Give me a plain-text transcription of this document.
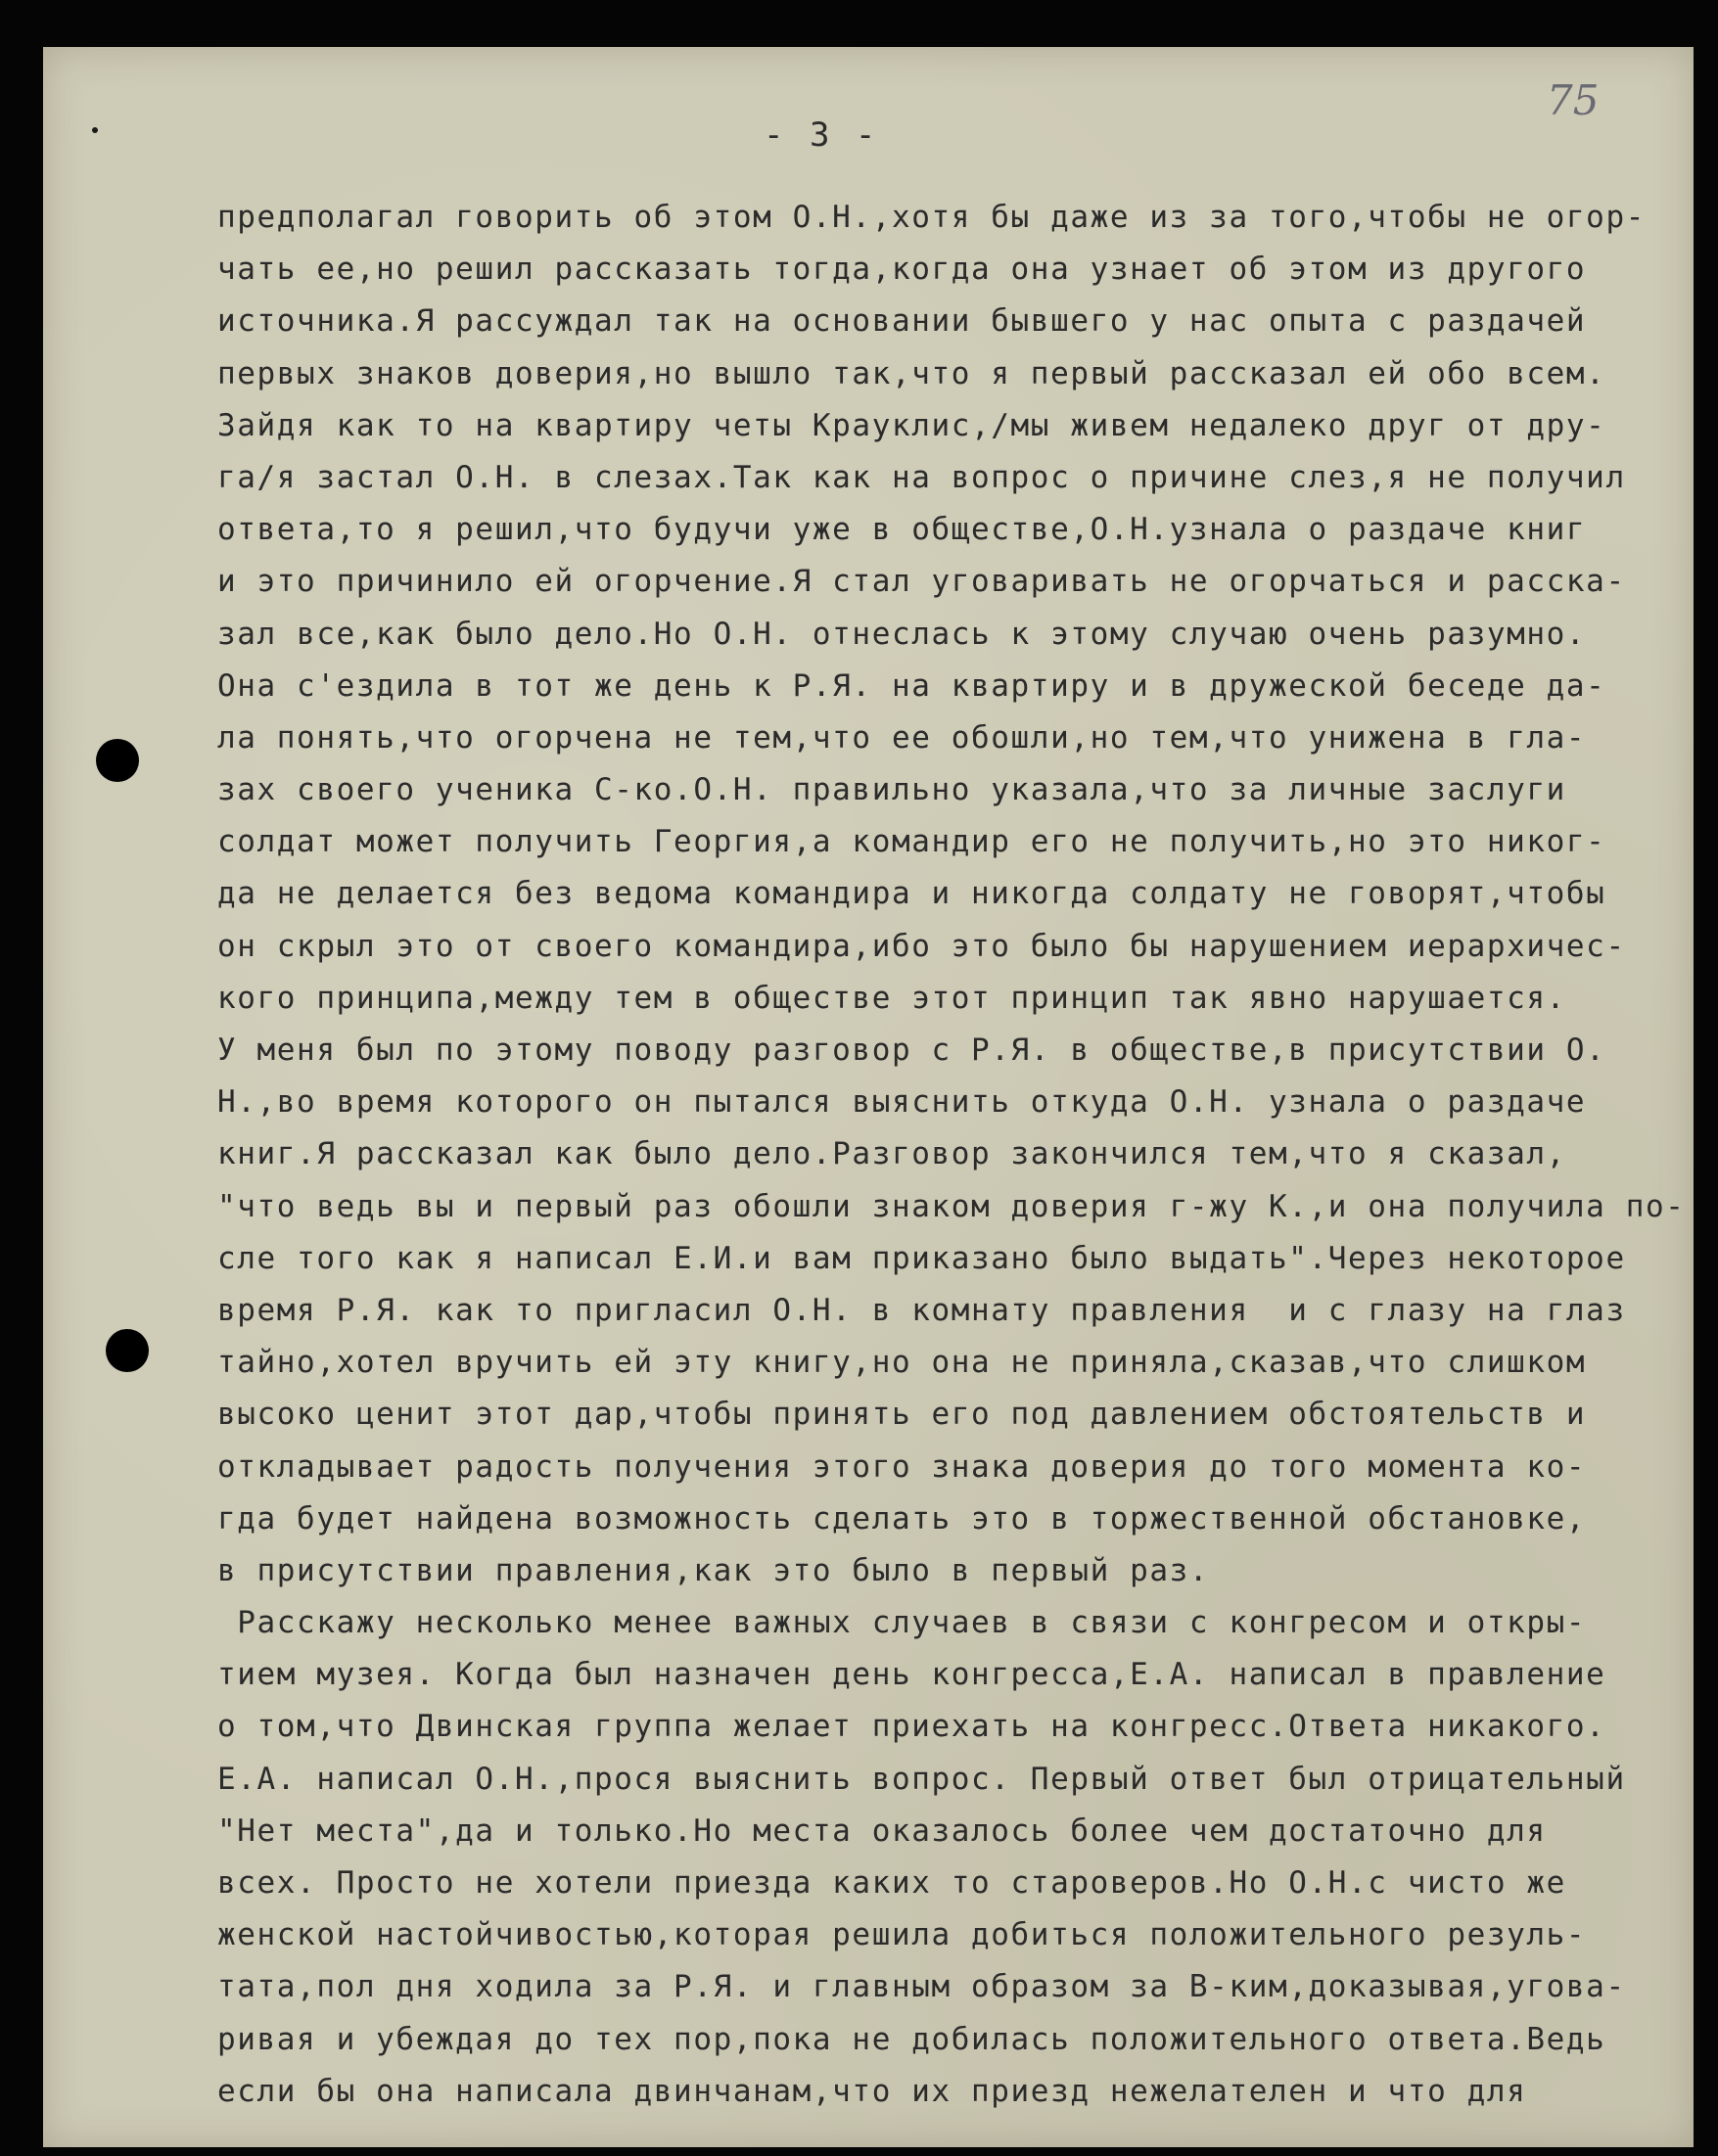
75
- 3 -
предполагал говорить об этом О.Н.,хотя бы даже из за того,чтобы не огор-
чать ее,но решил рассказать тогда,когда она узнает об этом из другого
источника.Я рассуждал так на основании бывшего у нас опыта с раздачей
первых знаков доверия,но вышло так,что я первый рассказал ей обо всем.
Зайдя как то на квартиру четы Крауклис,/мы живем недалеко друг от дру-
га/я застал О.Н. в слезах.Так как на вопрос о причине слез,я не получил
ответа,то я решил,что будучи уже в обществе,О.Н.узнала о раздаче книг
и это причинило ей огорчение.Я стал уговаривать не огорчаться и расска-
зал все,как было дело.Но О.Н. отнеслась к этому случаю очень разумно.
Она с'ездила в тот же день к Р.Я. на квартиру и в дружеской беседе да-
ла понять,что огорчена не тем,что ее обошли,но тем,что унижена в гла-
зах своего ученика С-ко.О.Н. правильно указала,что за личные заслуги
солдат может получить Георгия,а командир его не получить,но это никог-
да не делается без ведома командира и никогда солдату не говорят,чтобы
он скрыл это от своего командира,ибо это было бы нарушением иерархичес-
кого принципа,между тем в обществе этот принцип так явно нарушается.
У меня был по этому поводу разговор с Р.Я. в обществе,в присутствии О.
Н.,во время которого он пытался выяснить откуда О.Н. узнала о раздаче
книг.Я рассказал как было дело.Разговор закончился тем,что я сказал,
"что ведь вы и первый раз обошли знаком доверия г-жу К.,и она получила по-
сле того как я написал Е.И.и вам приказано было выдать".Через некоторое
время Р.Я. как то пригласил О.Н. в комнату правления  и с глазу на глаз
тайно,хотел вручить ей эту книгу,но она не приняла,сказав,что слишком
высоко ценит этот дар,чтобы принять его под давлением обстоятельств и
откладывает радость получения этого знака доверия до того момента ко-
гда будет найдена возможность сделать это в торжественной обстановке,
в присутствии правления,как это было в первый раз.
Расскажу несколько менее важных случаев в связи с конгресом и откры-
тием музея. Когда был назначен день конгресса,Е.А. написал в правление
о том,что Двинская группа желает приехать на конгресс.Ответа никакого.
Е.А. написал О.Н.,прося выяснить вопрос. Первый ответ был отрицательный
"Нет места",да и только.Но места оказалось более чем достаточно для
всех. Просто не хотели приезда каких то староверов.Но О.Н.с чисто же
женской настойчивостью,которая решила добиться положительного резуль-
тата,пол дня ходила за Р.Я. и главным образом за В-ким,доказывая,угова-
ривая и убеждая до тех пор,пока не добилась положительного ответа.Ведь
если бы она написала двинчанам,что их приезд нежелателен и что для
